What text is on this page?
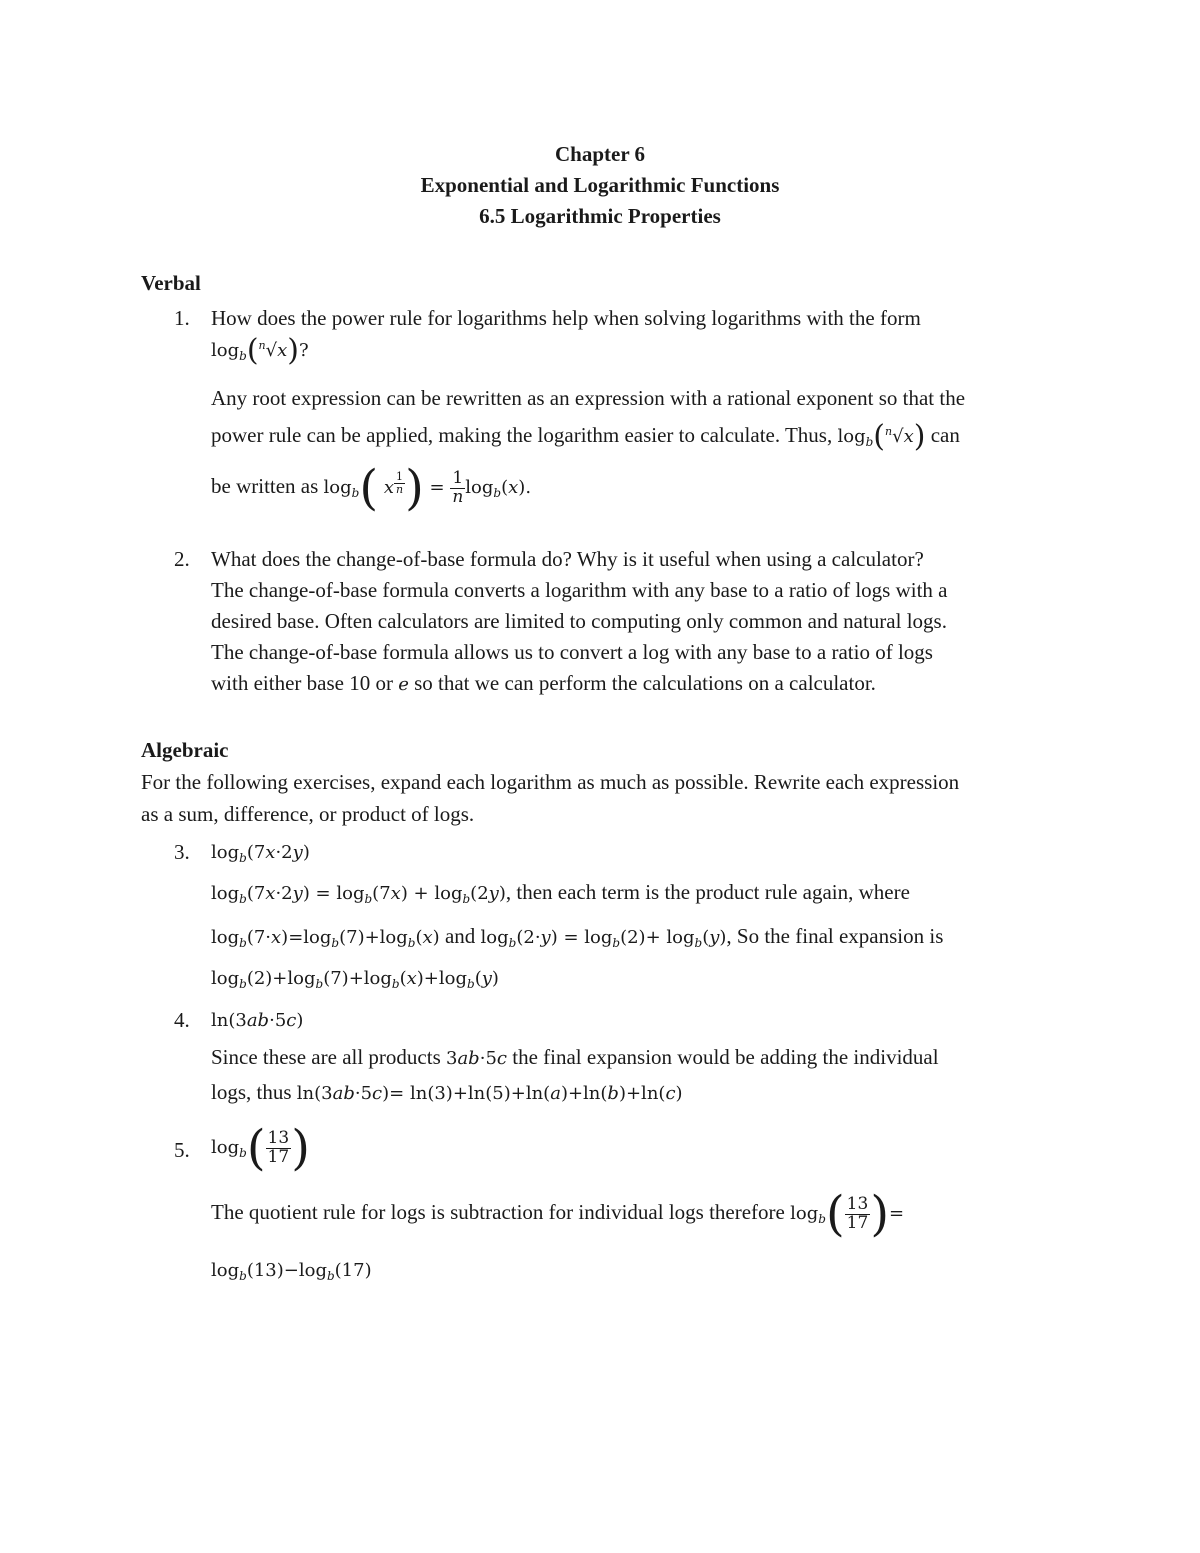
Chapter 6
Exponential and Logarithmic Functions
6.5 Logarithmic Properties
Verbal
1. How does the power rule for logarithms help when solving logarithms with the form
$\log_b(^n√x)$?
Any root expression can be rewritten as an expression with a rational exponent so that the
power rule can be applied, making the logarithm easier to calculate. Thus, $\log_b(^n√x)$ can
be written as $\log_b$( x $^{\frac{1}{n}}$ ) = $\frac{1}{n} \log_b(x)$.
2. What does the change-of-base formula do? Why is it useful when using a calculator?
The change-of-base formula converts a logarithm with any base to a ratio of logs with a
desired base. Often calculators are limited to computing only common and natural logs.
The change-of-base formula allows us to convert a log with any base to a ratio of logs
with either base 10 or e so that we can perform the calculations on a calculator.
Algebraic
For the following exercises, expand each logarithm as much as possible. Rewrite each expression
as a sum, difference, or product of logs.
3. $\log_b(7x\cdot 2y)$
$\log_b(7x\cdot 2y) = \log_b(7x) + \log_b(2y)$, then each term is the product rule again, where
$\log_b(7\cdot x)=\log_b(7)+\log_b(x)$ and $\log_b(2\cdot y) = \log_b(2)+ \log_b(y)$, So the final expansion is
$\log_b(2)+\log_b(7)+\log_b(x)+\log_b(y)$
4. ln(3ab·5c)
Since these are all products 3ab·5c the final expansion would be adding the individual
logs, thus ln(3ab·5c)= ln(3)+ln(5)+ln(a)+ln(b)+ln(c)
5. $\log_b( \frac{13}{17}$ )
The quotient rule for logs is subtraction for individual logs therefore $\log_b( \frac{13}{17}$ )=
$\log_b(13)-\log_b(17)$
